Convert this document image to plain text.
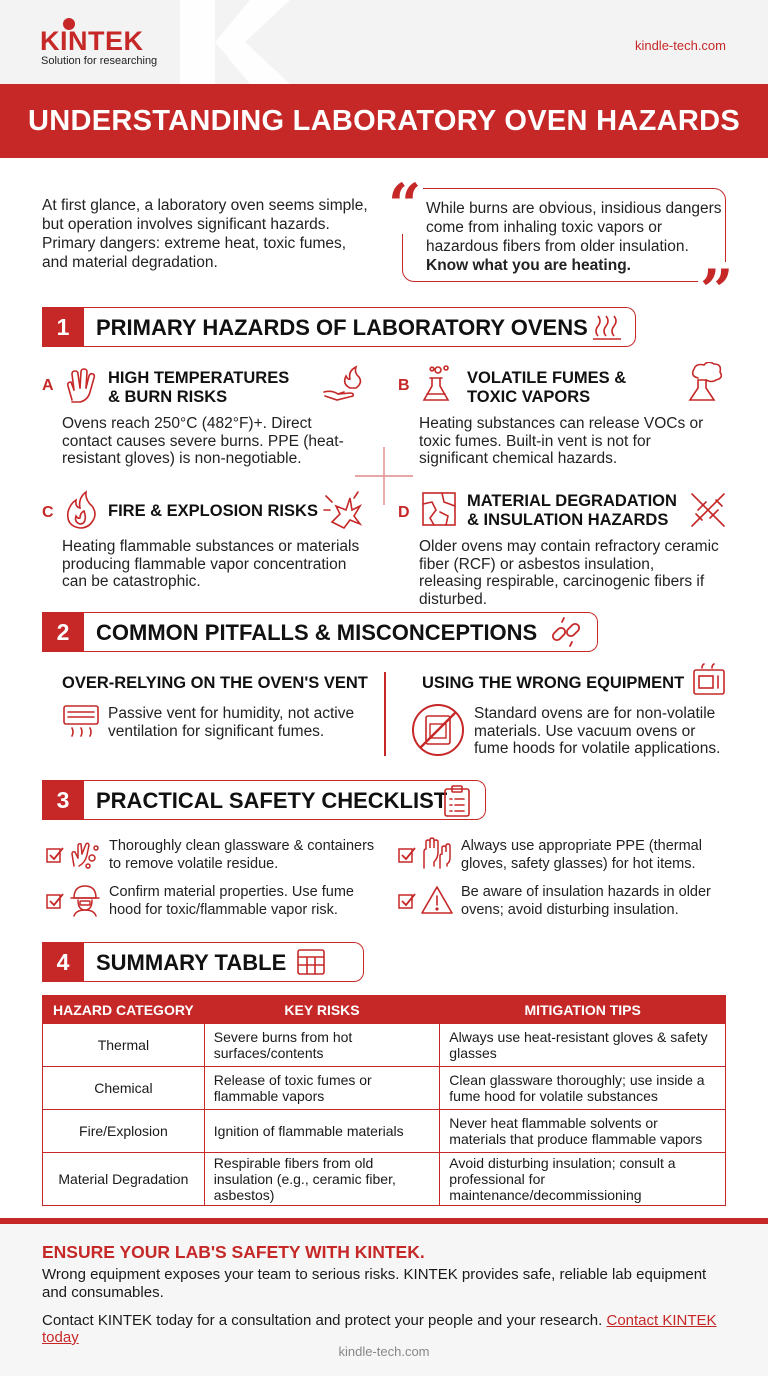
KINTEK
Solution for researching
kindle-tech.com
UNDERSTANDING LABORATORY OVEN HAZARDS
At first glance, a laboratory oven seems simple, but operation involves significant hazards. Primary dangers: extreme heat, toxic fumes, and material degradation.
“
”
While burns are obvious, insidious dangers come from inhaling toxic vapors or hazardous fibers from older insulation. Know what you are heating.
1	PRIMARY HAZARDS OF LABORATORY OVENS
A	HIGH TEMPERATURES
& BURN RISKS
Ovens reach 250°C (482°F)+. Direct contact causes severe burns. PPE (heat-resistant gloves) is non-negotiable.
B	VOLATILE FUMES &
TOXIC VAPORS
Heating substances can release VOCs or toxic fumes. Built-in vent is not for significant chemical hazards.
C	FIRE & EXPLOSION RISKS
Heating flammable substances or materials producing flammable vapor concentration can be catastrophic.
D
MATERIAL DEGRADATION
& INSULATION HAZARDS
Older ovens may contain refractory ceramic fiber (RCF) or asbestos insulation, releasing respirable, carcinogenic fibers if disturbed.
2	COMMON PITFALLS & MISCONCEPTIONS
OVER-RELYING ON THE OVEN'S VENT
Passive vent for humidity, not active ventilation for significant fumes.
USING THE WRONG EQUIPMENT
Standard ovens are for non-volatile materials. Use vacuum ovens or fume hoods for volatile applications.
3	PRACTICAL SAFETY CHECKLIST
Thoroughly clean glassware & containers to remove volatile residue.
Always use appropriate PPE (thermal gloves, safety glasses) for hot items.
Confirm material properties. Use fume hood for toxic/flammable vapor risk.
Be aware of insulation hazards in older ovens; avoid disturbing insulation.
4	SUMMARY TABLE
HAZARD CATEGORY	KEY RISKS	MITIGATION TIPS
Thermal	Severe burns from hot surfaces/contents	Always use heat-resistant gloves & safety glasses
Chemical	Release of toxic fumes or flammable vapors	Clean glassware thoroughly; use inside a fume hood for volatile substances
Fire/Explosion	Ignition of flammable materials	Never heat flammable solvents or materials that produce flammable vapors
Material Degradation	Respirable fibers from old insulation (e.g., ceramic fiber, asbestos)	Avoid disturbing insulation; consult a professional for maintenance/decommissioning
ENSURE YOUR LAB'S SAFETY WITH KINTEK.
Wrong equipment exposes your team to serious risks. KINTEK provides safe, reliable lab equipment and consumables.
Contact KINTEK today for a consultation and protect your people and your research. Contact KINTEK today
kindle-tech.com
